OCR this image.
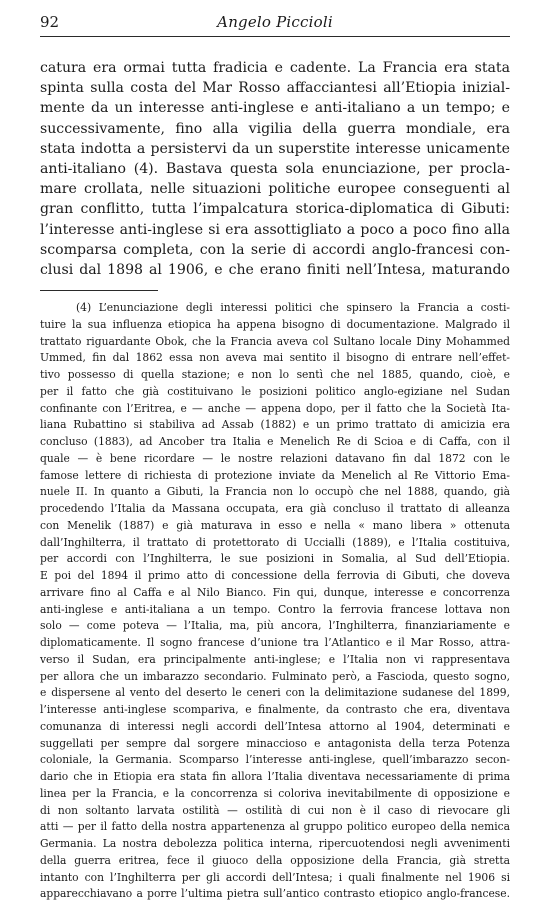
92	Angelo Piccioli
catura era ormai tutta fradicia e cadente. La Francia era stata
spinta sulla costa del Mar Rosso affacciantesi all’Etiopia inizial-
mente da un interesse anti-inglese e anti-italiano a un tempo; e
successivamente, fino alla vigilia della guerra mondiale, era
stata indotta a persistervi da un superstite interesse unicamente
anti-italiano (4). Bastava questa sola enunciazione, per procla-
mare crollata, nelle situazioni politiche europee conseguenti al
gran conflitto, tutta l’impalcatura storica-diplomatica di Gibuti:
l’interesse anti-inglese si era assottigliato a poco a poco fino alla
scomparsa completa, con la serie di accordi anglo-francesi con-
clusi dal 1898 al 1906, e che erano finiti nell’Intesa, maturando
(4) L’enunciazione degli interessi politici che spinsero la Francia a costi-
tuire la sua influenza etiopica ha appena bisogno di documentazione. Malgrado il
trattato riguardante Obok, che la Francia aveva col Sultano locale Diny Mohammed
Ummed, fin dal 1862 essa non aveva mai sentito il bisogno di entrare nell’effet-
tivo possesso di quella stazione; e non lo sentì che nel 1885, quando, cioè, e
per il fatto che già costituivano le posizioni politico anglo-egiziane nel Sudan
confinante con l’Eritrea, e — anche — appena dopo, per il fatto che la Società Ita-
liana Rubattino si stabiliva ad Assab (1882) e un primo trattato di amicizia era
concluso (1883), ad Ancober tra Italia e Menelich Re di Scioa e di Caffa, con il
quale — è bene ricordare — le nostre relazioni datavano fin dal 1872 con le
famose lettere di richiesta di protezione inviate da Menelich al Re Vittorio Ema-
nuele II. In quanto a Gibuti, la Francia non lo occupò che nel 1888, quando, già
procedendo l’Italia da Massana occupata, era già concluso il trattato di alleanza
con Menelik (1887) e già maturava in esso e nella « mano libera » ottenuta
dall’Inghilterra, il trattato di protettorato di Uccialli (1889), e l’Italia costituiva,
per accordi con l’Inghilterra, le sue posizioni in Somalia, al Sud dell’Etiopia.
E poi del 1894 il primo atto di concessione della ferrovia di Gibuti, che doveva
arrivare fino al Caffa e al Nilo Bianco. Fin qui, dunque, interesse e concorrenza
anti-inglese e anti-italiana a un tempo. Contro la ferrovia francese lottava non
solo — come poteva — l’Italia, ma, più ancora, l’Inghilterra, finanziariamente e
diplomaticamente. Il sogno francese d’unione tra l’Atlantico e il Mar Rosso, attra-
verso il Sudan, era principalmente anti-inglese; e l’Italia non vi rappresentava
per allora che un imbarazzo secondario. Fulminato però, a Fascioda, questo sogno,
e dispersene al vento del deserto le ceneri con la delimitazione sudanese del 1899,
l’interesse anti-inglese scompariva, e finalmente, da contrasto che era, diventava
comunanza di interessi negli accordi dell’Intesa attorno al 1904, determinati e
suggellati per sempre dal sorgere minaccioso e antagonista della terza Potenza
coloniale, la Germania. Scomparso l’interesse anti-inglese, quell’imbarazzo secon-
dario che in Etiopia era stata fin allora l’Italia diventava necessariamente di prima
linea per la Francia, e la concorrenza si coloriva inevitabilmente di opposizione e
di non soltanto larvata ostilità — ostilità di cui non è il caso di rievocare gli
atti — per il fatto della nostra appartenenza al gruppo politico europeo della nemica
Germania. La nostra debolezza politica interna, ripercuotendosi negli avvenimenti
della guerra eritrea, fece il giuoco della opposizione della Francia, già stretta
intanto con l’Inghilterra per gli accordi dell’Intesa; i quali finalmente nel 1906 si
apparecchiavano a porre l’ultima pietra sull’antico contrasto etiopico anglo-francese.
